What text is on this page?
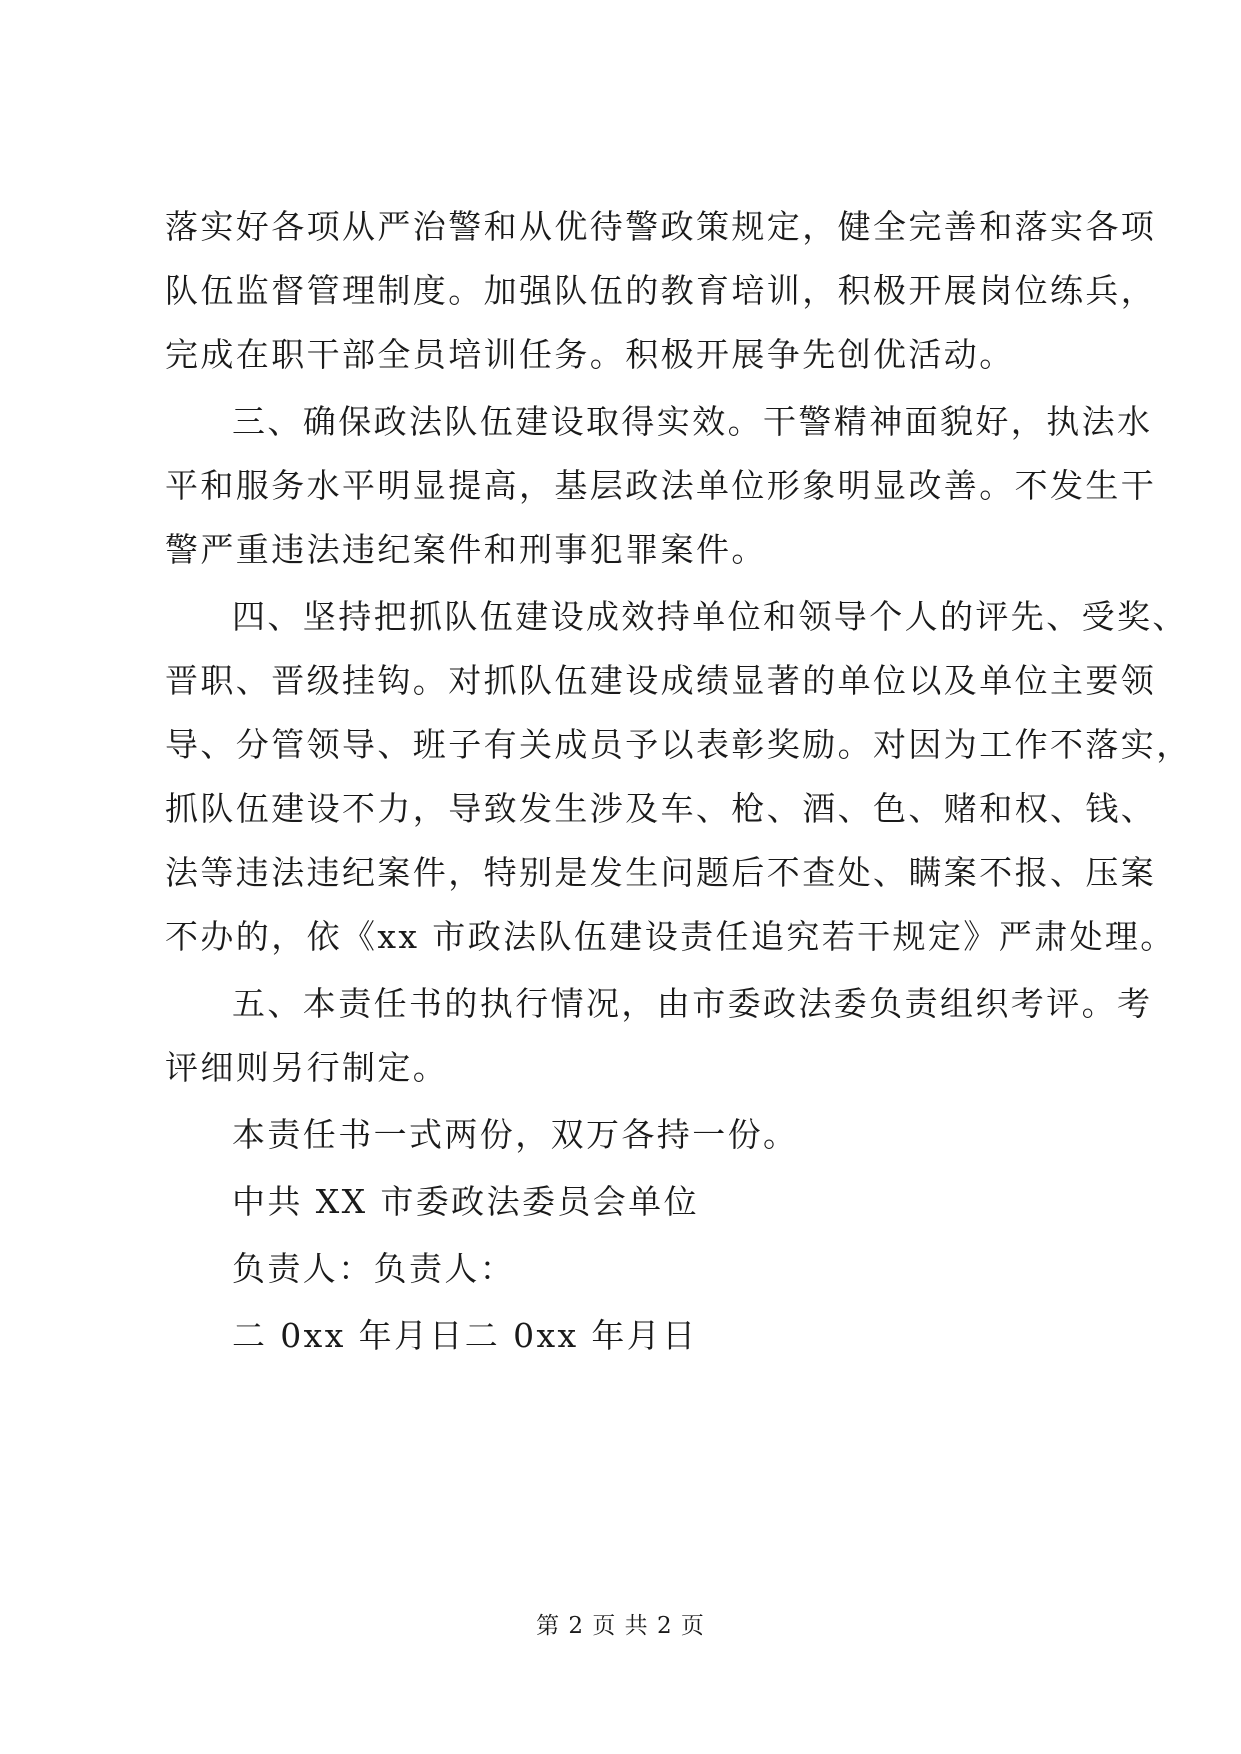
落实好各项从严治警和从优待警政策规定，健全完善和落实各项
队伍监督管理制度。加强队伍的教育培训，积极开展岗位练兵，
完成在职干部全员培训任务。积极开展争先创优活动。
三、确保政法队伍建设取得实效。干警精神面貌好，执法水
平和服务水平明显提高，基层政法单位形象明显改善。不发生干
警严重违法违纪案件和刑事犯罪案件。
四、坚持把抓队伍建设成效持单位和领导个人的评先、受奖、
晋职、晋级挂钩。对抓队伍建设成绩显著的单位以及单位主要领
导、分管领导、班子有关成员予以表彰奖励。对因为工作不落实，
抓队伍建设不力，导致发生涉及车、枪、酒、色、赌和权、钱、
法等违法违纪案件，特别是发生问题后不查处、瞒案不报、压案
不办的，依《xx 市政法队伍建设责任追究若干规定》严肃处理。
五、本责任书的执行情况，由市委政法委负责组织考评。考
评细则另行制定。
本责任书一式两份，双万各持一份。
中共 XX 市委政法委员会单位
负责人：负责人：
二 0xx 年月日二 0xx 年月日
第 2 页 共 2 页
